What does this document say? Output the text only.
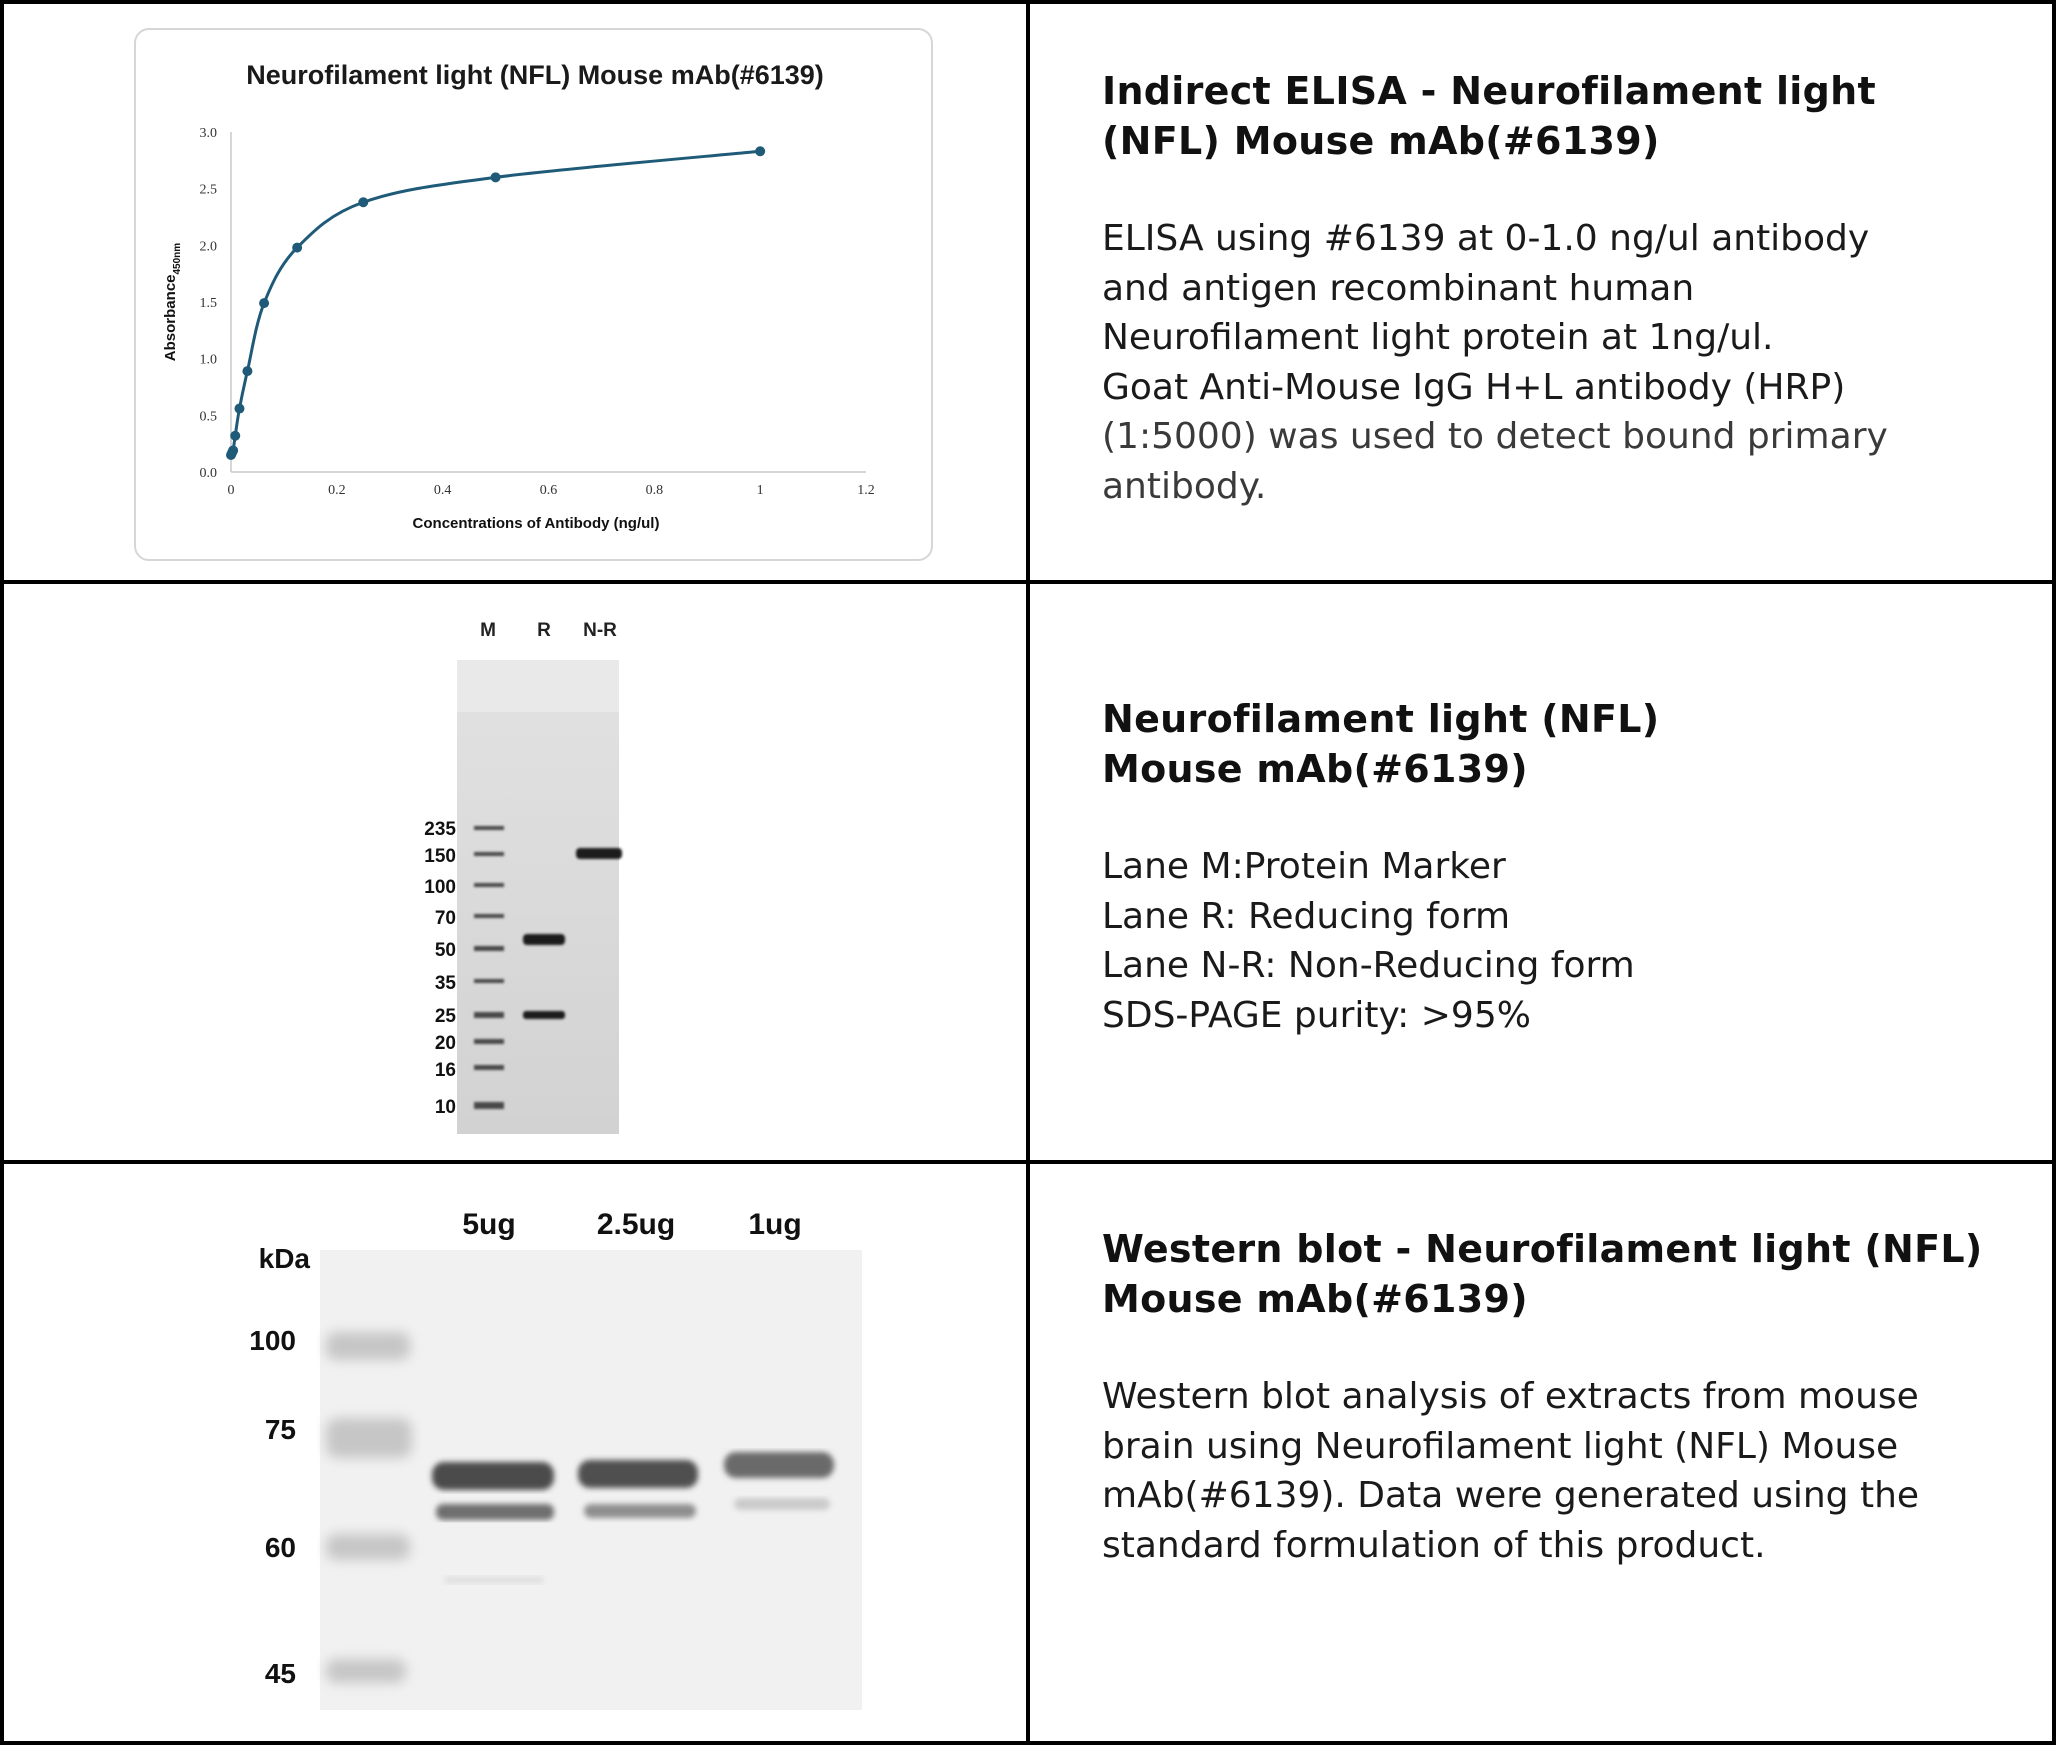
Neurofilament light (NFL) Mouse mAb(#6139)
0.0
0.5
1.0
1.5
2.0
2.5
3.0
0	0.2	0.4	0.6	0.8	1	1.2
Concentrations of Antibody (ng/ul)
Absorbance$_{450nm}$
Indirect ELISA - Neurofilament light (NFL) Mouse mAb(#6139)

ELISA using #6139 at 0-1.0 ng/ul antibody
and antigen recombinant human
Neurofilament light protein at 1ng/ul.
Goat Anti-Mouse IgG H+L antibody (HRP)
(1:5000) was used to detect bound primary
antibody.

M R N-R
235
150
100
70
50
35
25
20
16
10
Neurofilament light (NFL) Mouse mAb(#6139)

Lane M:Protein Marker
Lane R: Reducing form
Lane N-R: Non-Reducing form
SDS-PAGE purity: >95%

5ug	2.5ug 1ug
kDa
100
75
60
45
Western blot - Neurofilament light (NFL) Mouse mAb(#6139)

Western blot analysis of extracts from mouse
brain using Neurofilament light (NFL) Mouse
mAb(#6139). Data were generated using the
standard formulation of this product.
